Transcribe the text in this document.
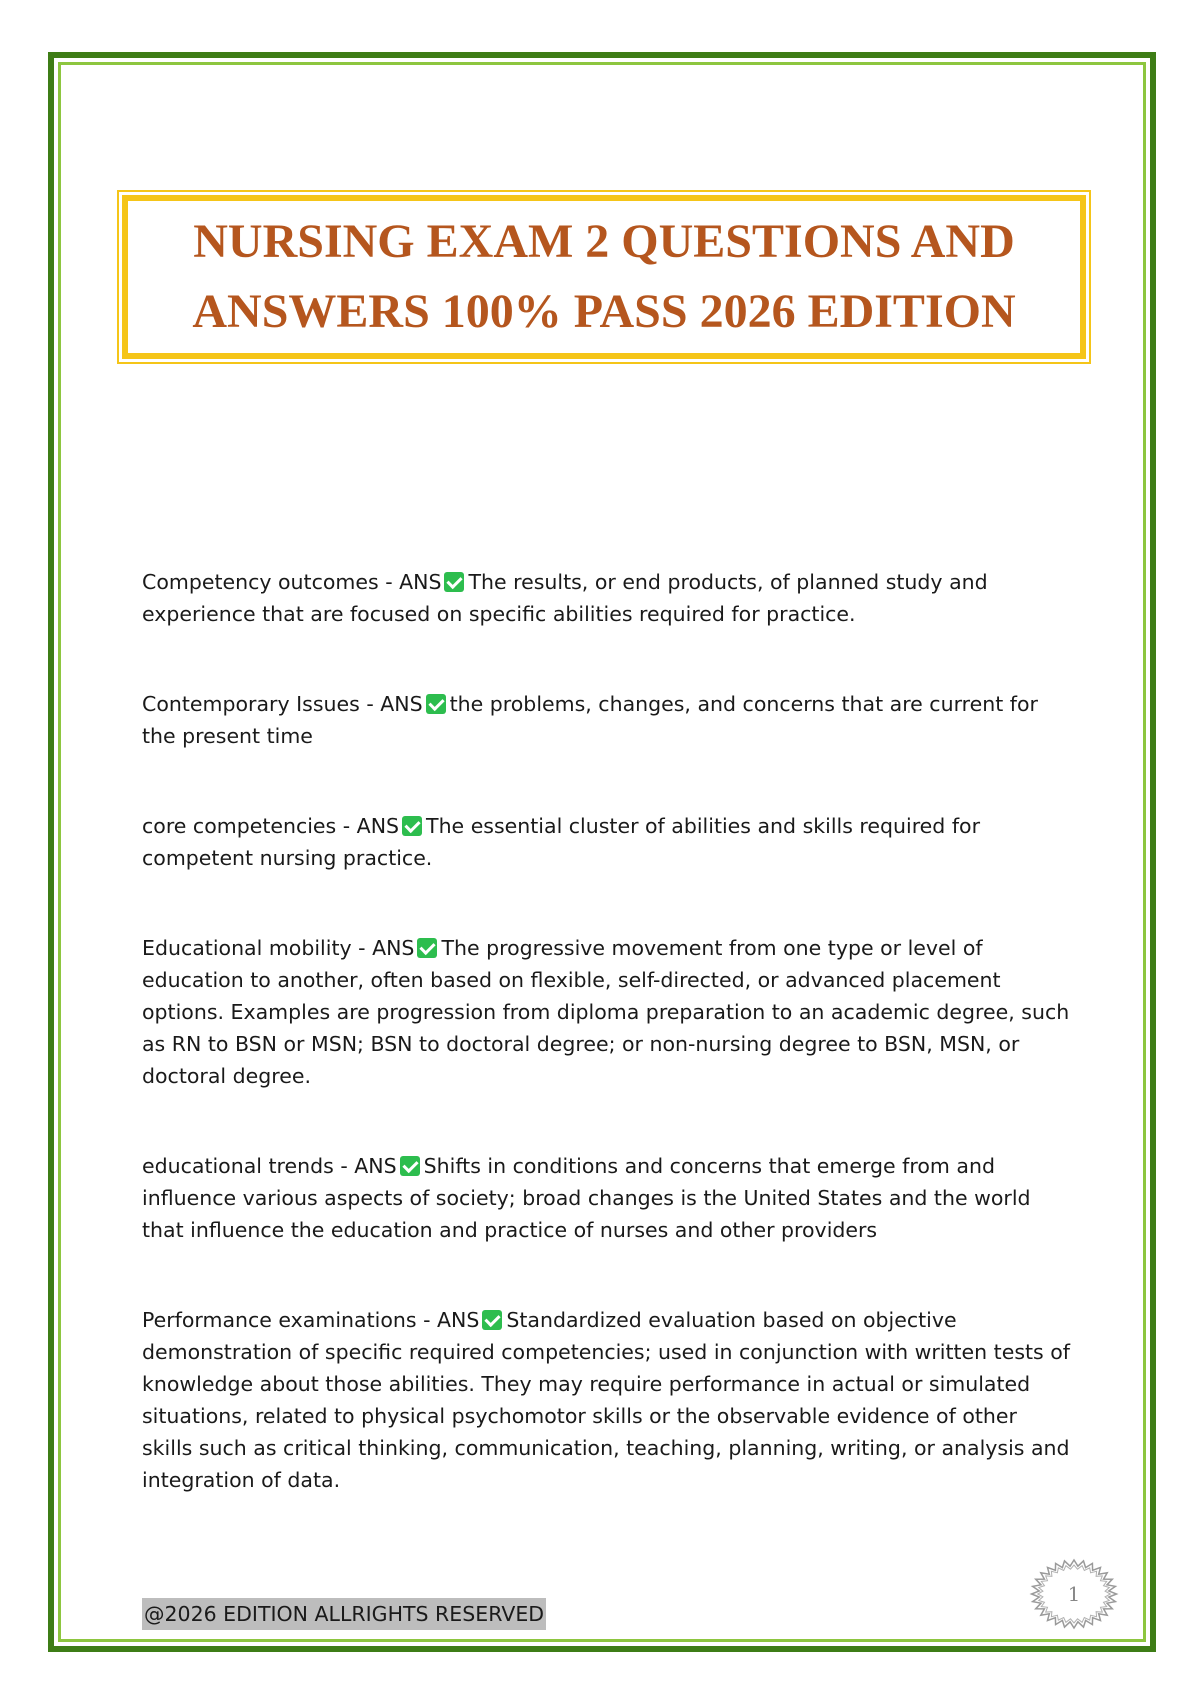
NURSING EXAM 2 QUESTIONS AND
ANSWERS 100% PASS 2026 EDITION
Competency outcomes - ANS The results, or end products, of planned study and experience that are focused on specific abilities required for practice.
Contemporary Issues - ANS the problems, changes, and concerns that are current for the present time
core competencies - ANS The essential cluster of abilities and skills required for competent nursing practice.
Educational mobility - ANS The progressive movement from one type or level of education to another, often based on flexible, self-directed, or advanced placement options. Examples are progression from diploma preparation to an academic degree, such as RN to BSN or MSN; BSN to doctoral degree; or non-nursing degree to BSN, MSN, or doctoral degree.
educational trends - ANS Shifts in conditions and concerns that emerge from and influence various aspects of society; broad changes is the United States and the world that influence the education and practice of nurses and other providers
Performance examinations - ANS Standardized evaluation based on objective demonstration of specific required competencies; used in conjunction with written tests of knowledge about those abilities. They may require performance in actual or simulated situations, related to physical psychomotor skills or the observable evidence of other skills such as critical thinking, communication, teaching, planning, writing, or analysis and integration of data.
@2026 EDITION ALLRIGHTS RESERVED
1
